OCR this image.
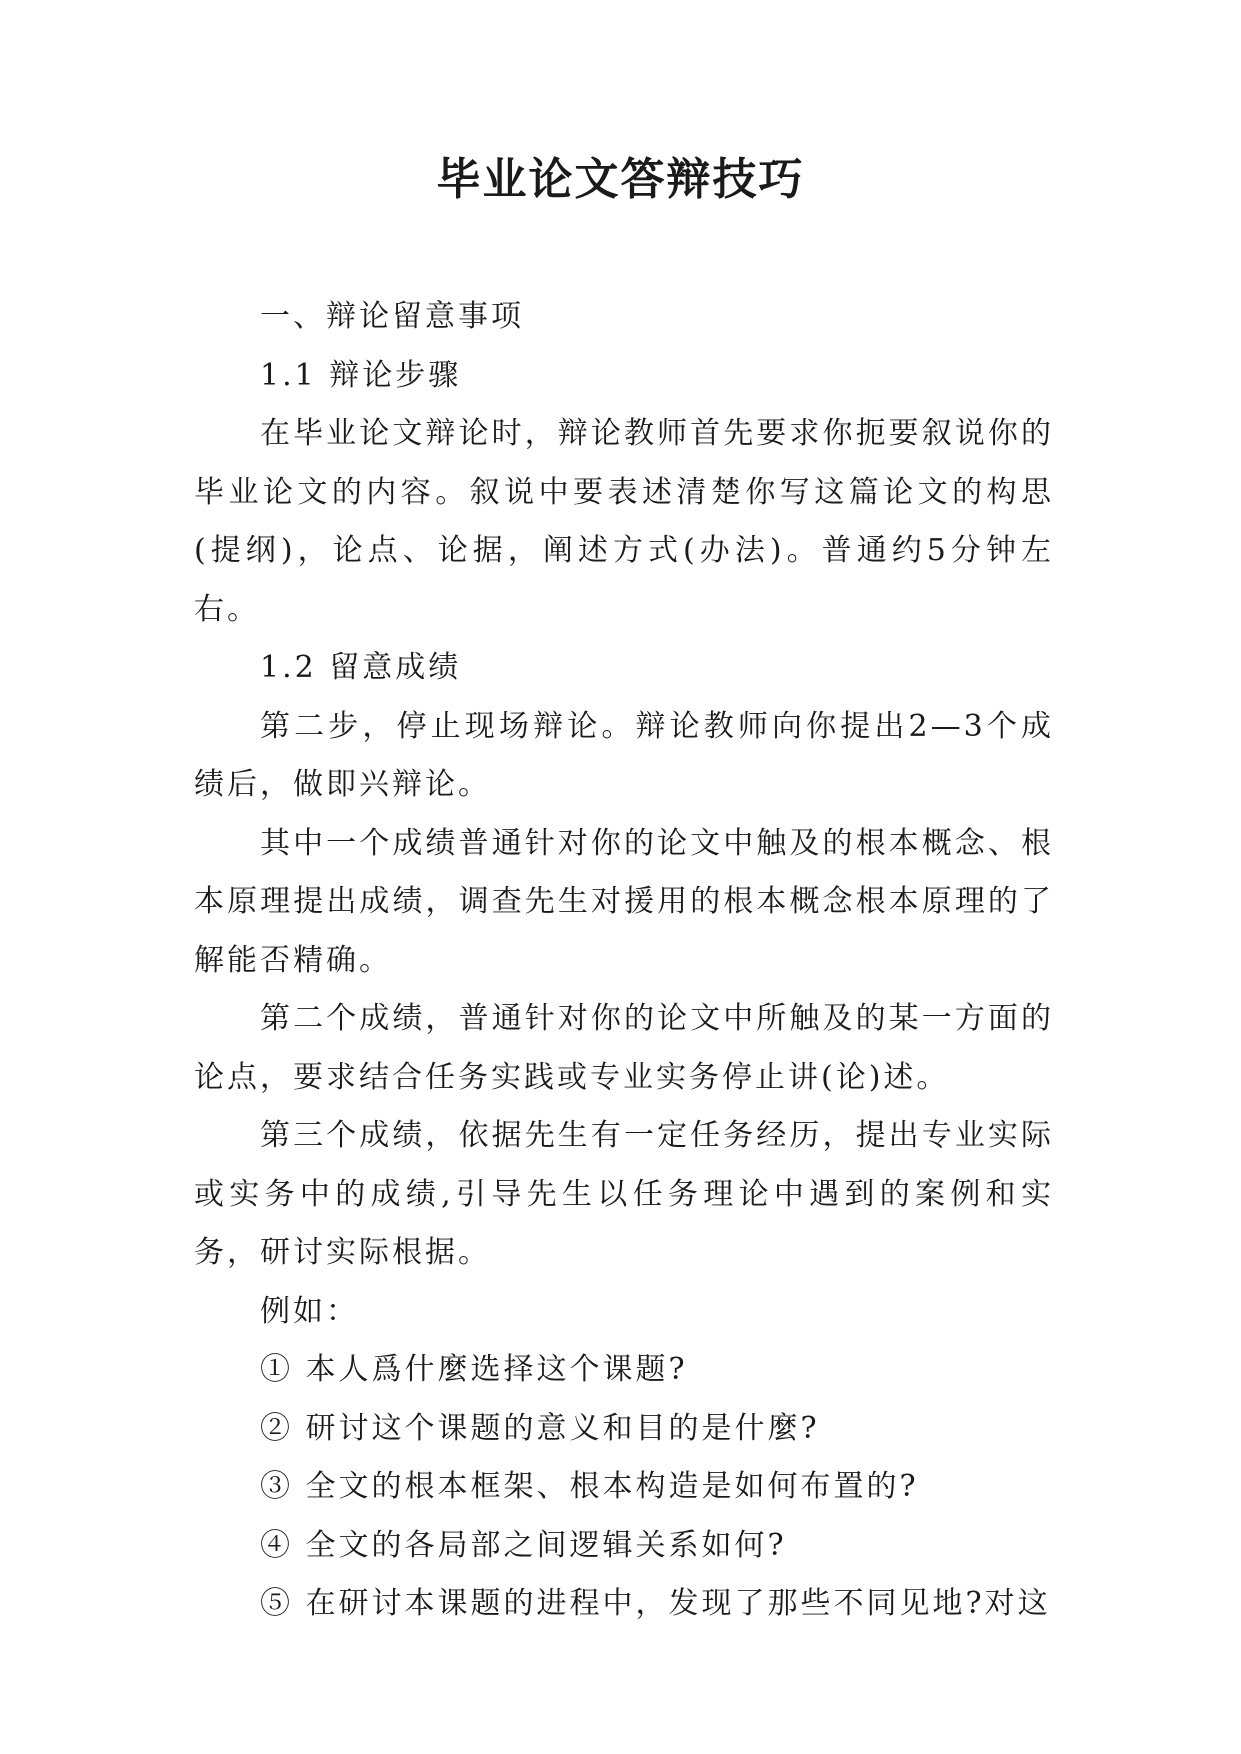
毕业论文答辩技巧

一、辩论留意事项

1.1 辩论步骤

在毕业论文辩论时，辩论教师首先要求你扼要叙说你的毕业论文的内容。叙说中要表述清楚你写这篇论文的构思(提纲)，论点、论据，阐述方式(办法)。普通约5分钟左右。

1.2 留意成绩

第二步，停止现场辩论。辩论教师向你提出2—3个成绩后，做即兴辩论。

其中一个成绩普通针对你的论文中触及的根本概念、根本原理提出成绩，调查先生对援用的根本概念根本原理的了解能否精确。

第二个成绩，普通针对你的论文中所触及的某一方面的论点，要求结合任务实践或专业实务停止讲(论)述。

第三个成绩，依据先生有一定任务经历，提出专业实际或实务中的成绩,引导先生以任务理论中遇到的案例和实务，研讨实际根据。

例如：

① 本人爲什麼选择这个课题?

② 研讨这个课题的意义和目的是什麼?

③ 全文的根本框架、根本构造是如何布置的?

④ 全文的各局部之间逻辑关系如何?

⑤ 在研讨本课题的进程中，发现了那些不同见地?对这
